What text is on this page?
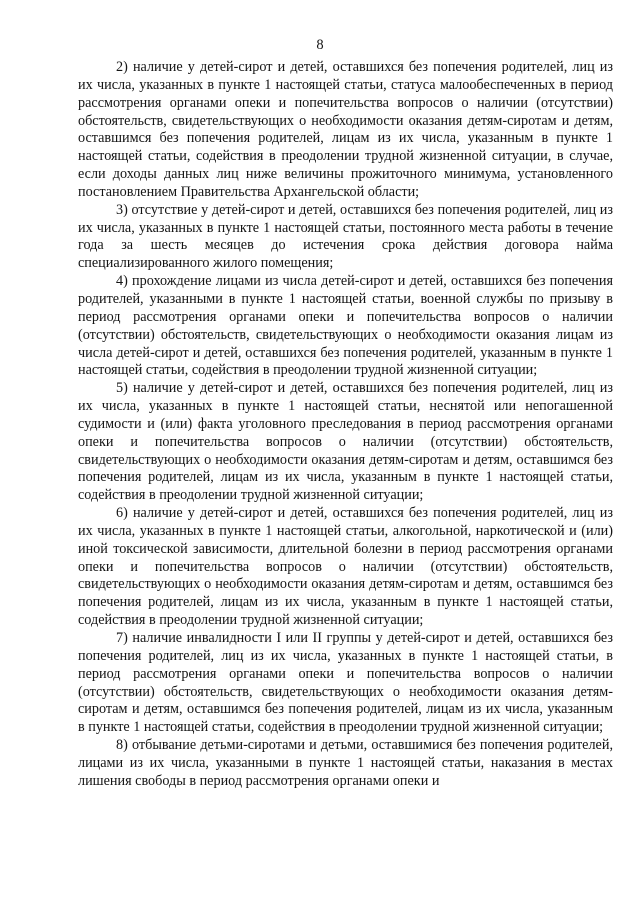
8

2) наличие у детей-сирот и детей, оставшихся без попечения родителей, лиц из их числа, указанных в пункте 1 настоящей статьи, статуса малообеспеченных в период рассмотрения органами опеки и попечительства вопросов о наличии (отсутствии) обстоятельств, свидетельствующих о необходимости оказания детям-сиротам и детям, оставшимся без попечения родителей, лицам из их числа, указанным в пункте 1 настоящей статьи, содействия в преодолении трудной жизненной ситуации, в случае, если доходы данных лиц ниже величины прожиточного минимума, установленного постановлением Правительства Архангельской области;

3) отсутствие у детей-сирот и детей, оставшихся без попечения родителей, лиц из их числа, указанных в пункте 1 настоящей статьи, постоянного места работы в течение года за шесть месяцев до истечения срока действия договора найма специализированного жилого помещения;

4) прохождение лицами из числа детей-сирот и детей, оставшихся без попечения родителей, указанными в пункте 1 настоящей статьи, военной службы по призыву в период рассмотрения органами опеки и попечительства вопросов о наличии (отсутствии) обстоятельств, свидетельствующих о необходимости оказания лицам из числа детей-сирот и детей, оставшихся без попечения родителей, указанным в пункте 1 настоящей статьи, содействия в преодолении трудной жизненной ситуации;

5) наличие у детей-сирот и детей, оставшихся без попечения родителей, лиц из их числа, указанных в пункте 1 настоящей статьи, неснятой или непогашенной судимости и (или) факта уголовного преследования в период рассмотрения органами опеки и попечительства вопросов о наличии (отсутствии) обстоятельств, свидетельствующих о необходимости оказания детям-сиротам и детям, оставшимся без попечения родителей, лицам из их числа, указанным в пункте 1 настоящей статьи, содействия в преодолении трудной жизненной ситуации;

6) наличие у детей-сирот и детей, оставшихся без попечения родителей, лиц из их числа, указанных в пункте 1 настоящей статьи, алкогольной, наркотической и (или) иной токсической зависимости, длительной болезни в период рассмотрения органами опеки и попечительства вопросов о наличии (отсутствии) обстоятельств, свидетельствующих о необходимости оказания детям-сиротам и детям, оставшимся без попечения родителей, лицам из их числа, указанным в пункте 1 настоящей статьи, содействия в преодолении трудной жизненной ситуации;

7) наличие инвалидности I или II группы у детей-сирот и детей, оставшихся без попечения родителей, лиц из их числа, указанных в пункте 1 настоящей статьи, в период рассмотрения органами опеки и попечительства вопросов о наличии (отсутствии) обстоятельств, свидетельствующих о необходимости оказания детям-сиротам и детям, оставшимся без попечения родителей, лицам из их числа, указанным в пункте 1 настоящей статьи, содействия в преодолении трудной жизненной ситуации;

8) отбывание детьми-сиротами и детьми, оставшимися без попечения родителей, лицами из их числа, указанными в пункте 1 настоящей статьи, наказания в местах лишения свободы в период рассмотрения органами опеки и
